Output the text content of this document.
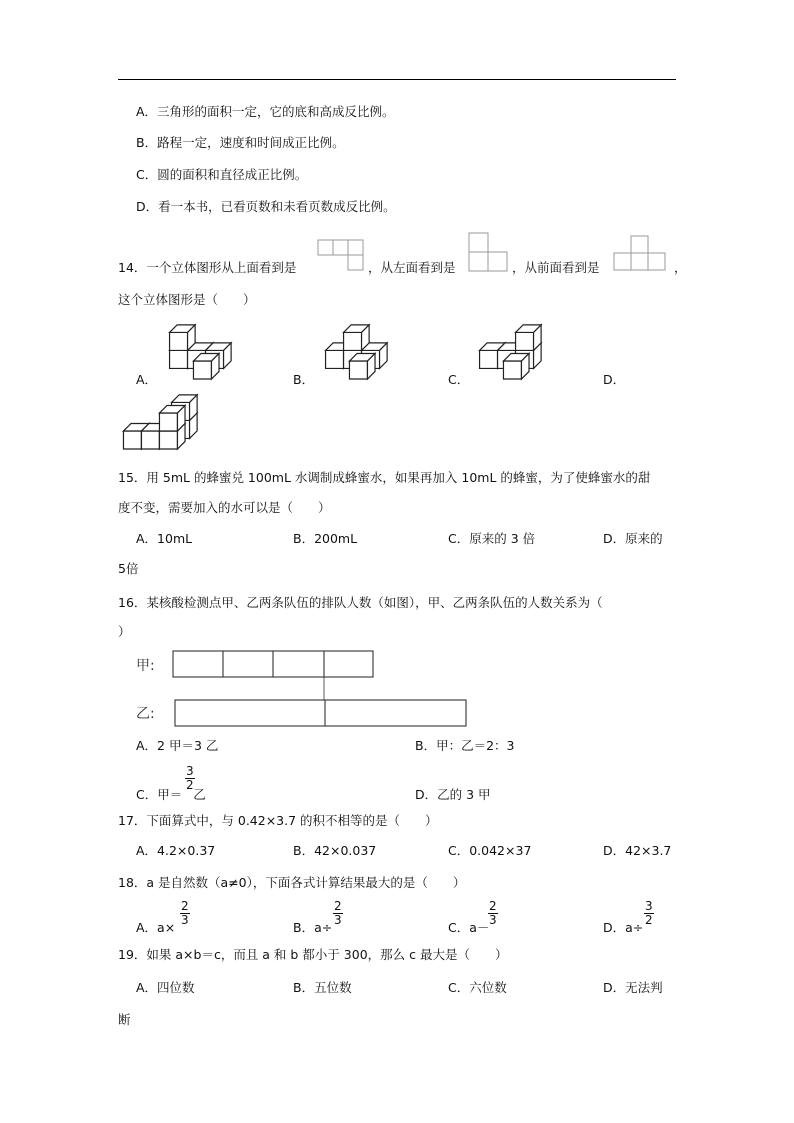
A．三角形的面积一定，它的底和高成反比例。
B．路程一定，速度和时间成正比例。
C．圆的面积和直径成正比例。
D．看一本书，已看页数和未看页数成反比例。
14．一个立体图形从上面看到是	，从左面看到是	，从前面看到是	，
这个立体图形是（　　）
A．	B．	C．	D．
15．用 5mL 的蜂蜜兑 100mL 水调制成蜂蜜水，如果再加入 10mL 的蜂蜜，为了使蜂蜜水的甜
度不变，需要加入的水可以是（　　）
A．10mL	B．200mL	C．原来的 3 倍	D．原来的
5倍
16．某核酸检测点甲、乙两条队伍的排队人数（如图），甲、乙两条队伍的人数关系为（
）
甲:
乙:
A．2 甲＝3 乙	B．甲：乙＝2：3
C．甲＝ 乙
$\frac{3}{2}$
D．乙的 3 甲
17．下面算式中，与 0.42×3.7 的积不相等的是（　　）
A．4.2×0.37	B．42×0.037	C．0.042×37	D．42×3.7
18．a 是自然数（a≠0），下面各式计算结果最大的是（　　）
A．a×
$\frac{2}{3}$
B．a÷
$\frac{2}{3}$
C．a－
$\frac{2}{3}$
D．a÷
$\frac{3}{2}$
19．如果 a×b＝c，而且 a 和 b 都小于 300，那么 c 最大是（　　）
A．四位数	B．五位数	C．六位数	D．无法判
断
